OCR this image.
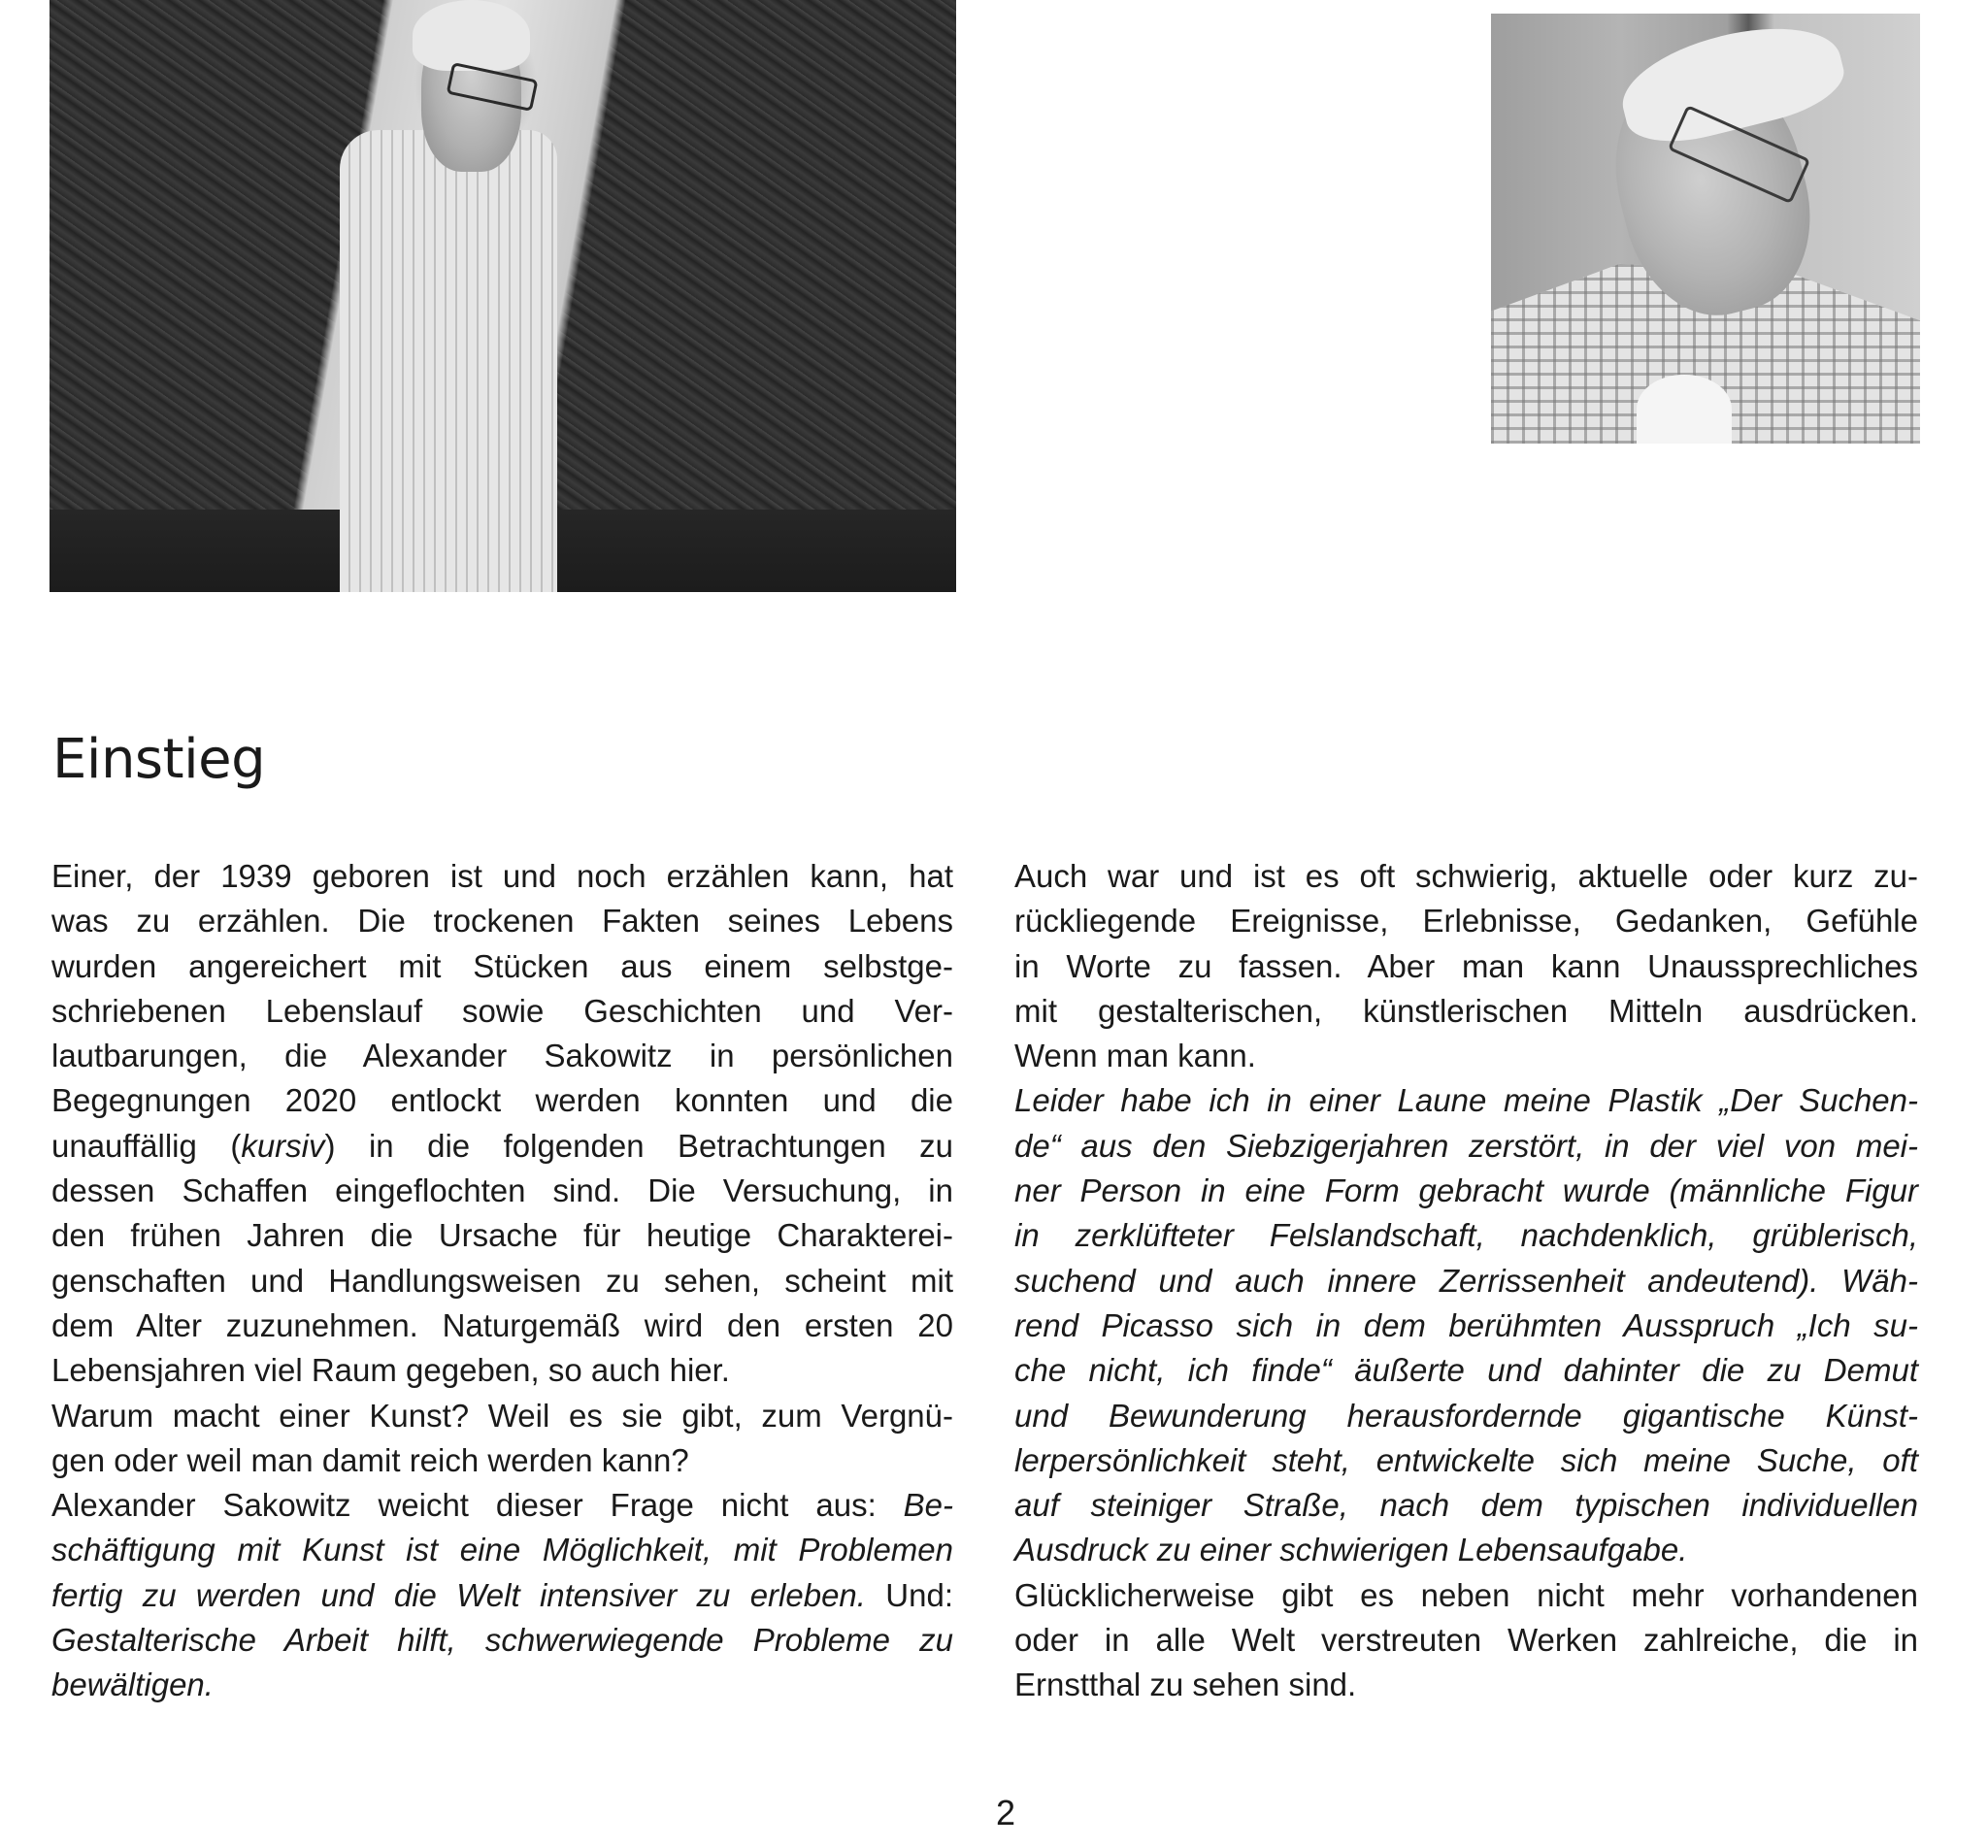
Einstieg
Einer, der 1939 geboren ist und noch erzählen kann, hat
was zu erzählen. Die trockenen Fakten seines Lebens
wurden angereichert mit Stücken aus einem selbstge-
schriebenen Lebenslauf sowie Geschichten und Ver-
lautbarungen, die Alexander Sakowitz in persönlichen
Begegnungen 2020 entlockt werden konnten und die
unauffällig (kursiv) in die folgenden Betrachtungen zu
dessen Schaffen eingeflochten sind. Die Versuchung, in
den frühen Jahren die Ursache für heutige Charakterei-
genschaften und Handlungsweisen zu sehen, scheint mit
dem Alter zuzunehmen. Naturgemäß wird den ersten 20
Lebensjahren viel Raum gegeben, so auch hier.
Warum macht einer Kunst? Weil es sie gibt, zum Vergnü-
gen oder weil man damit reich werden kann?
Alexander Sakowitz weicht dieser Frage nicht aus: Be-
schäftigung mit Kunst ist eine Möglichkeit, mit Problemen
fertig zu werden und die Welt intensiver zu erleben. Und:
Gestalterische Arbeit hilft, schwerwiegende Probleme zu
bewältigen.
Auch war und ist es oft schwierig, aktuelle oder kurz zu-
rückliegende Ereignisse, Erlebnisse, Gedanken, Gefühle
in Worte zu fassen. Aber man kann Unaussprechliches
mit gestalterischen, künstlerischen Mitteln ausdrücken.
Wenn man kann.
Leider habe ich in einer Laune meine Plastik „Der Suchen-
de“ aus den Siebzigerjahren zerstört, in der viel von mei-
ner Person in eine Form gebracht wurde (männliche Figur
in zerklüfteter Felslandschaft, nachdenklich, grüblerisch,
suchend und auch innere Zerrissenheit andeutend). Wäh-
rend Picasso sich in dem berühmten Ausspruch „Ich su-
che nicht, ich finde“ äußerte und dahinter die zu Demut
und Bewunderung herausfordernde gigantische Künst-
lerpersönlichkeit steht, entwickelte sich meine Suche, oft
auf steiniger Straße, nach dem typischen individuellen
Ausdruck zu einer schwierigen Lebensaufgabe.
Glücklicherweise gibt es neben nicht mehr vorhandenen
oder in alle Welt verstreuten Werken zahlreiche, die in
Ernstthal zu sehen sind.
2
